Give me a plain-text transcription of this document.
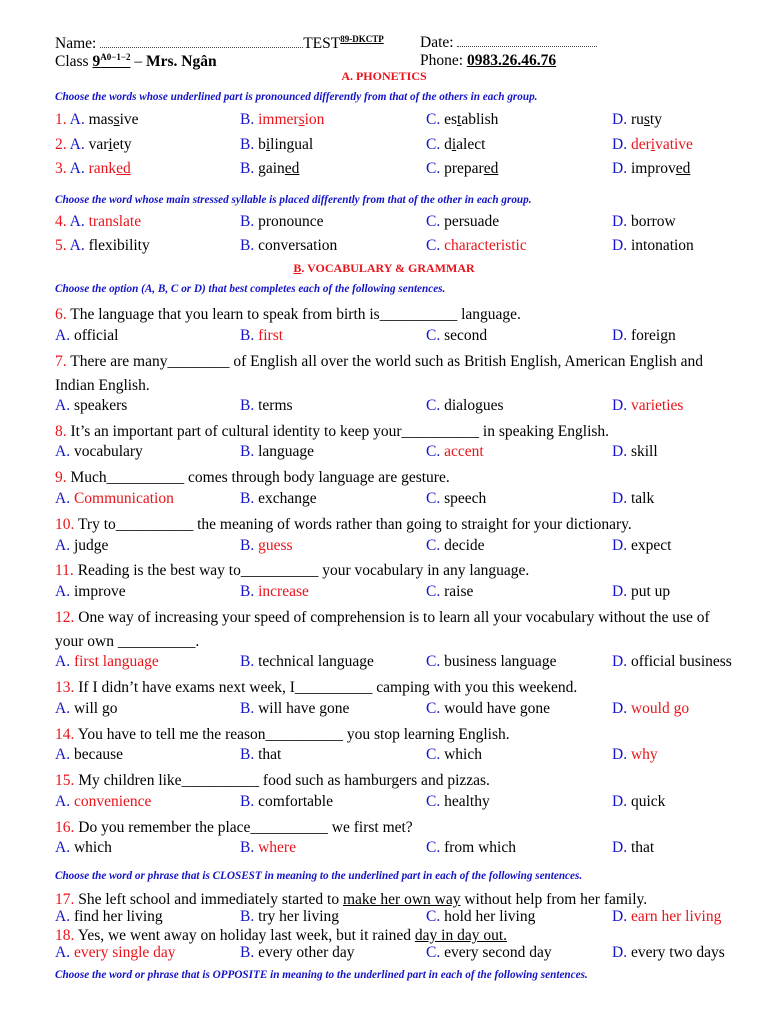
Name:	$TEST^{89-DKCTP}$ Date:
Class $9^{A0-1-2}$ – Mrs. Ngân	Phone: 0983.26.46.76
A. PHONETICS
Choose the words whose underlined part is pronounced differently from that of the others in each group.
1. A. massive	B. immersion	C. establish	D. rusty
2. A. variety	B. bilingual	C. dialect	D. derivative
3. A. ranked	B. gained	C. prepared	D. improved
Choose the word whose main stressed syllable is placed differently from that of the other in each group.
4. A. translate	B. pronounce	C. persuade	D. borrow
5. A. flexibility	B. conversation	C. characteristic	D. intonation
B. VOCABULARY & GRAMMAR
Choose the option (A, B, C or D) that best completes each of the following sentences.
6. The language that you learn to speak from birth is__________ language.
A. official	B. first	C. second	D. foreign
7. There are many________ of English all over the world such as British English, American English and Indian English.
A. speakers	B. terms	C. dialogues	D. varieties
8. It’s an important part of cultural identity to keep your__________ in speaking English.
A. vocabulary	B. language	C. accent	D. skill
9. Much__________ comes through body language are gesture.
A. Communication	B. exchange	C. speech	D. talk
10. Try to__________ the meaning of words rather than going to straight for your dictionary.
A. judge	B. guess	C. decide	D. expect
11. Reading is the best way to__________ your vocabulary in any language.
A. improve	B. increase	C. raise	D. put up
12. One way of increasing your speed of comprehension is to learn all your vocabulary without the use of your own __________.
A. first language	B. technical language	C. business language	D. official business
13. If I didn’t have exams next week, I__________ camping with you this weekend.
A. will go	B. will have gone	C. would have gone	D. would go
14. You have to tell me the reason__________ you stop learning English.
A. because	B. that	C. which	D. why
15. My children like__________ food such as hamburgers and pizzas.
A. convenience	B. comfortable	C. healthy	D. quick
16. Do you remember the place__________ we first met?
A. which	B. where	C. from which	D. that
Choose the word or phrase that is CLOSEST in meaning to the underlined part in each of the following sentences.
17. She left school and immediately started to make her own way without help from her family.
A. find her living	B. try her living	C. hold her living	D. earn her living
18. Yes, we went away on holiday last week, but it rained day in day out.
A. every single day	B. every other day	C. every second day	D. every two days
Choose the word or phrase that is OPPOSITE in meaning to the underlined part in each of the following sentences.
